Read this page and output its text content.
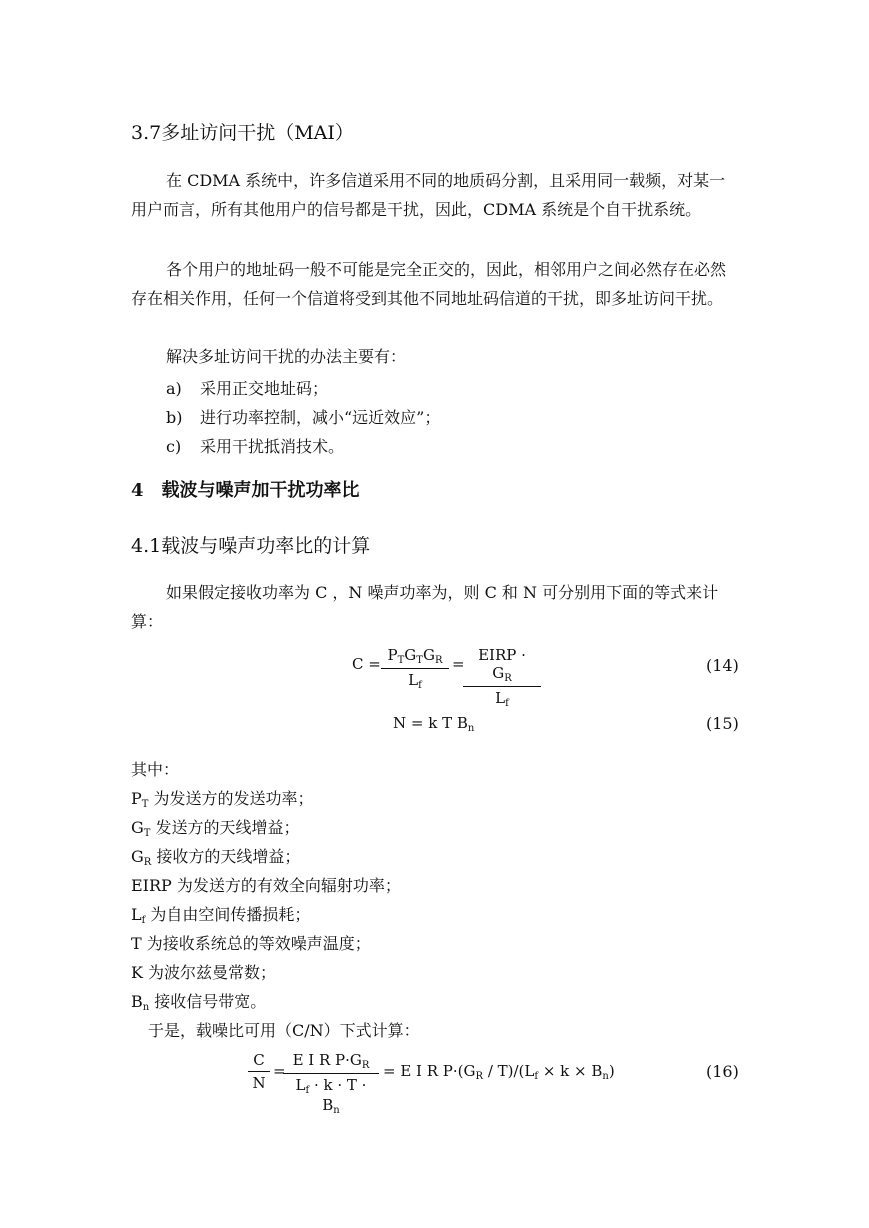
3.7多址访问干扰（MAI）
在 CDMA 系统中，许多信道采用不同的地质码分割，且采用同一载频，对某一用户而言，所有其他用户的信号都是干扰，因此，CDMA 系统是个自干扰系统。
各个用户的地址码一般不可能是完全正交的，因此，相邻用户之间必然存在必然存在相关作用，任何一个信道将受到其他不同地址码信道的干扰，即多址访问干扰。
解决多址访问干扰的办法主要有：
a) 采用正交地址码；
b) 进行功率控制，减小“远近效应”；
c) 采用干扰抵消技术。
4 载波与噪声加干扰功率比
4.1载波与噪声功率比的计算
如果假定接收功率为 C ，N 噪声功率为，则 C 和 N 可分别用下面的等式来计算：
$C = P_TG_TG_R$
$L_f$
= EIRP · $G_R$
$L_f$
(14)
N = k T $B_n$	(15)
其中：
$P_T$ 为发送方的发送功率；
$G_T$ 发送方的天线增益；
$G_R$ 接收方的天线增益；
EIRP 为发送方的有效全向辐射功率；
$L_f$ 为自由空间传播损耗；
T 为接收系统总的等效噪声温度；
K 为波尔兹曼常数；
$B_n$ 接收信号带宽。
于是，载噪比可用（C/N）下式计算：
C
N
=
E I R $P\cdot G_R$
$L_f \cdot k \cdot T \cdot B_n$
= E I R $P\cdot(G_R / T)/(L_f \times k \times B_n)$	(16)
